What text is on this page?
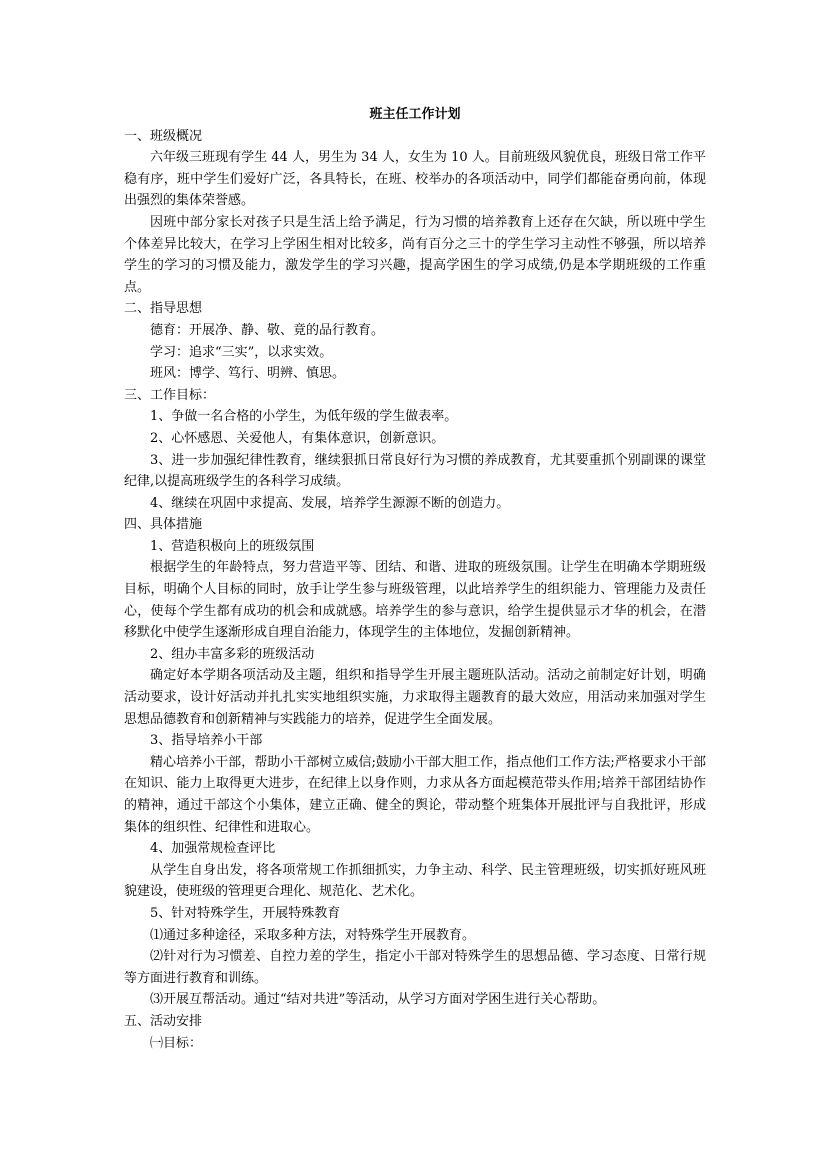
班主任工作计划

一、班级概况

六年级三班现有学生 44 人，男生为 34 人，女生为 10 人。目前班级风貌优良，班级日常工作平稳有序，班中学生们爱好广泛，各具特长，在班、校举办的各项活动中，同学们都能奋勇向前，体现出强烈的集体荣誉感。

因班中部分家长对孩子只是生活上给予满足，行为习惯的培养教育上还存在欠缺，所以班中学生个体差异比较大，在学习上学困生相对比较多，尚有百分之三十的学生学习主动性不够强，所以培养学生的学习的习惯及能力，激发学生的学习兴趣，提高学困生的学习成绩,仍是本学期班级的工作重点。

二、指导思想

德育：开展净、静、敬、竟的品行教育。

学习：追求“三实”，以求实效。

班风：博学、笃行、明辨、慎思。

三、工作目标：

1、争做一名合格的小学生，为低年级的学生做表率。

2、心怀感恩、关爱他人，有集体意识，创新意识。

3、进一步加强纪律性教育，继续狠抓日常良好行为习惯的养成教育，尤其要重抓个别副课的课堂纪律,以提高班级学生的各科学习成绩。

4、继续在巩固中求提高、发展，培养学生源源不断的创造力。

四、具体措施

1、营造积极向上的班级氛围

根据学生的年龄特点，努力营造平等、团结、和谐、进取的班级氛围。让学生在明确本学期班级目标，明确个人目标的同时，放手让学生参与班级管理，以此培养学生的组织能力、管理能力及责任心，使每个学生都有成功的机会和成就感。培养学生的参与意识，给学生提供显示才华的机会，在潜移默化中使学生逐渐形成自理自治能力，体现学生的主体地位，发掘创新精神。

2、组办丰富多彩的班级活动

确定好本学期各项活动及主题，组织和指导学生开展主题班队活动。活动之前制定好计划，明确活动要求，设计好活动并扎扎实实地组织实施，力求取得主题教育的最大效应，用活动来加强对学生思想品德教育和创新精神与实践能力的培养，促进学生全面发展。

3、指导培养小干部

精心培养小干部，帮助小干部树立威信;鼓励小干部大胆工作，指点他们工作方法;严格要求小干部在知识、能力上取得更大进步，在纪律上以身作则，力求从各方面起模范带头作用;培养干部团结协作的精神，通过干部这个小集体，建立正确、健全的舆论，带动整个班集体开展批评与自我批评，形成集体的组织性、纪律性和进取心。

4、加强常规检查评比

从学生自身出发，将各项常规工作抓细抓实，力争主动、科学、民主管理班级，切实抓好班风班貌建设，使班级的管理更合理化、规范化、艺术化。

5、针对特殊学生，开展特殊教育

⑴通过多种途径，采取多种方法，对特殊学生开展教育。

⑵针对行为习惯差、自控力差的学生，指定小干部对特殊学生的思想品德、学习态度、日常行规等方面进行教育和训练。

⑶开展互帮活动。通过“结对共进”等活动，从学习方面对学困生进行关心帮助。

五、活动安排

㈠目标：
